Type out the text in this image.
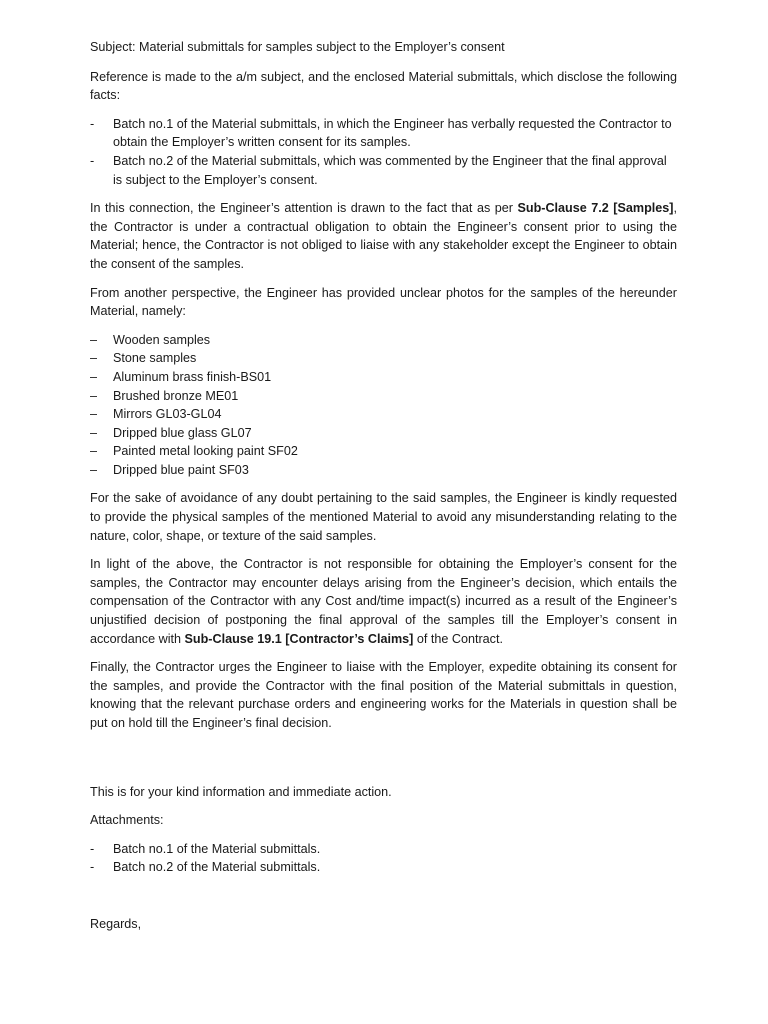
Subject: Material submittals for samples subject to the Employer’s consent

Reference is made to the a/m subject, and the enclosed Material submittals, which disclose the following facts:

-	Batch no.1 of the Material submittals, in which the Engineer has verbally requested the Contractor to obtain the Employer’s written consent for its samples.
-	Batch no.2 of the Material submittals, which was commented by the Engineer that the final approval is subject to the Employer’s consent.

In this connection, the Engineer’s attention is drawn to the fact that as per Sub-Clause 7.2 [Samples], the Contractor is under a contractual obligation to obtain the Engineer’s consent prior to using the Material; hence, the Contractor is not obliged to liaise with any stakeholder except the Engineer to obtain the consent of the samples.

From another perspective, the Engineer has provided unclear photos for the samples of the hereunder Material, namely:

–	Wooden samples
–	Stone samples
–	Aluminum brass finish-BS01
–	Brushed bronze ME01
–	Mirrors GL03-GL04
–	Dripped blue glass GL07
–	Painted metal looking paint SF02
–	Dripped blue paint SF03

For the sake of avoidance of any doubt pertaining to the said samples, the Engineer is kindly requested to provide the physical samples of the mentioned Material to avoid any misunderstanding relating to the nature, color, shape, or texture of the said samples.

In light of the above, the Contractor is not responsible for obtaining the Employer’s consent for the samples, the Contractor may encounter delays arising from the Engineer’s decision, which entails the compensation of the Contractor with any Cost and/time impact(s) incurred as a result of the Engineer’s unjustified decision of postponing the final approval of the samples till the Employer’s consent in accordance with Sub-Clause 19.1 [Contractor’s Claims] of the Contract.

Finally, the Contractor urges the Engineer to liaise with the Employer, expedite obtaining its consent for the samples, and provide the Contractor with the final position of the Material submittals in question, knowing that the relevant purchase orders and engineering works for the Materials in question shall be put on hold till the Engineer’s final decision.

This is for your kind information and immediate action.

Attachments:

-	Batch no.1 of the Material submittals.
-	Batch no.2 of the Material submittals.

Regards,
